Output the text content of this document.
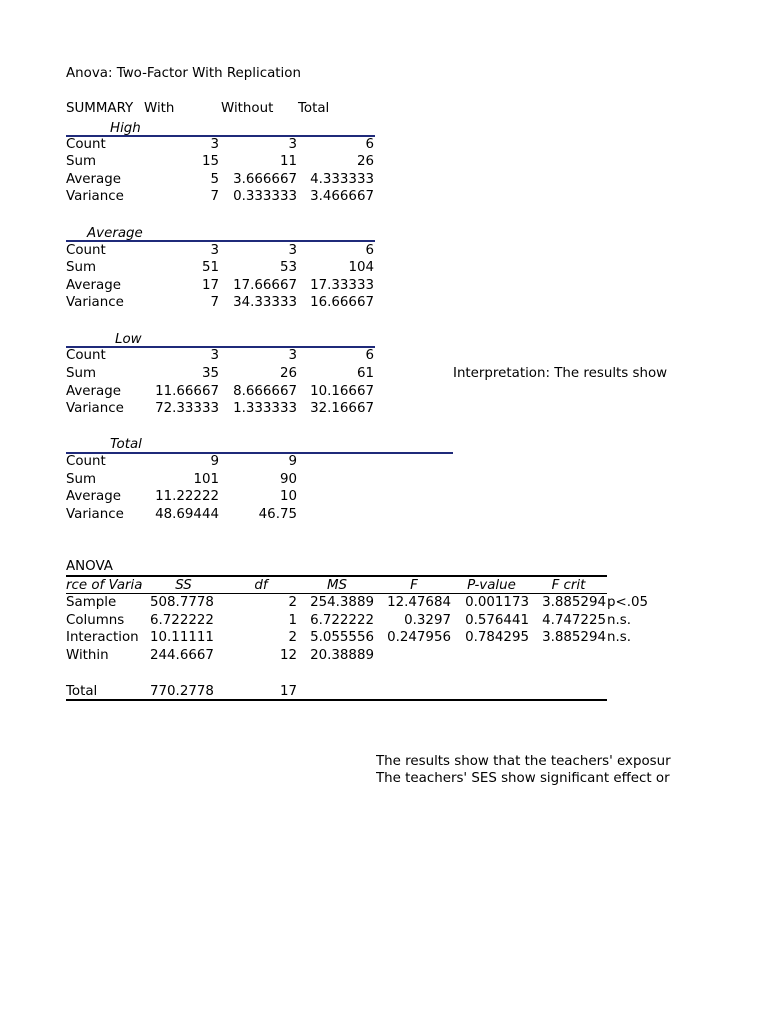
Anova: Two-Factor With Replication
SUMMARY With	Without Total
High
Count	3	3	6
Sum	15	11	26
Average	5	3.666667 4.333333
Variance	7	0.333333 3.466667
Average
Count	3	3	6
Sum	51	53	104
Average	17	17.66667 17.33333
Variance	7	34.33333 16.66667
Low
Count	3	3	6
Sum	35	26	61
Average	11.66667	8.666667 10.16667
Variance	72.33333	1.333333 32.16667
Interpretation: The results show
Total
Count	9	9
Sum	101	90
Average	11.22222	10
Variance	48.69444	46.75
ANOVA
rce of Varia	SS	df	MS	F	P-value	F crit
Sample	508.7778	2 254.3889 12.47684	0.001173 3.885294 p<.05
Columns 6.722222	1 6.722222	0.3297	0.576441 4.747225 n.s.
Interaction 10.11111	2 5.055556 0.247956	0.784295 3.885294 n.s.
Within	244.6667	12 20.38889
Total	770.2778	17
The results show that the teachers' exposur
The teachers' SES show significant effect or
